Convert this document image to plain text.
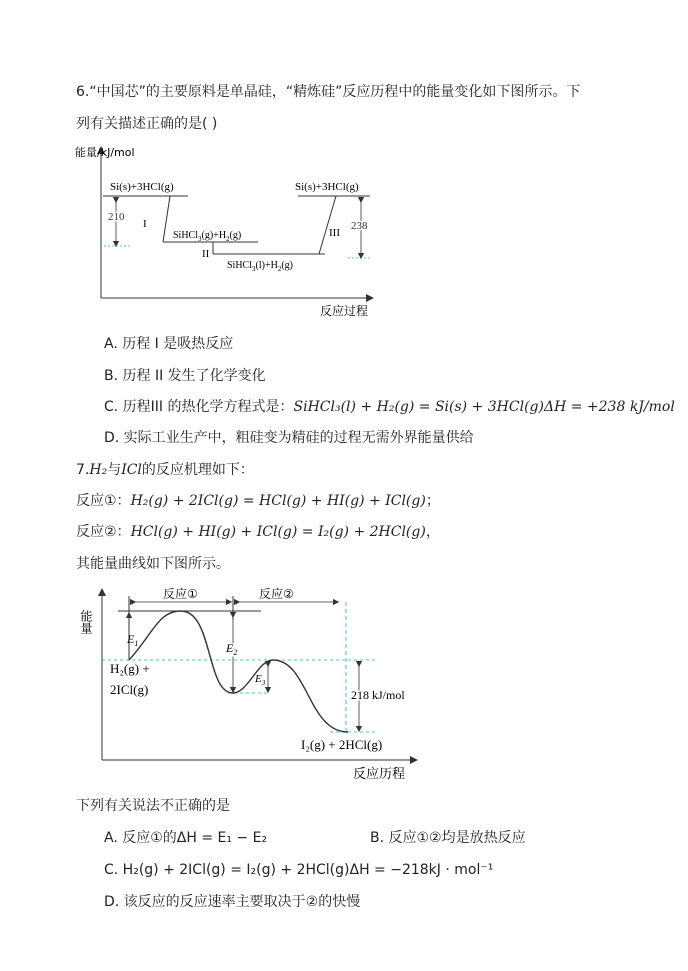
6.“中国芯”的主要原料是单晶硅，“精炼硅”反应历程中的能量变化如下图所示。下
列有关描述正确的是( )
能量/kJ/mol
反应过程
Si(s)+3HCl(g)
$SiHCl_3(g)+H_2(g)$
I
210
II
$SiHCl_3(l)+H_2(g)$
Si(s)+3HCl(g)
III
238
A. 历程 I 是吸热反应
B. 历程 II 发生了化学变化
C. 历程III 的热化学方程式是：SiHCl₃(l) + H₂(g) = Si(s) + 3HCl(g)ΔH = +238 kJ/mol
D. 实际工业生产中，粗硅变为精硅的过程无需外界能量供给
7.H₂与ICl的反应机理如下：
反应①：H₂(g) + 2ICl(g) = HCl(g) + HI(g) + ICl(g)；
反应②：HCl(g) + HI(g) + ICl(g) = I₂(g) + 2HCl(g)，
其能量曲线如下图所示。
能量
反应历程
反应①	反应②
$E_1$	$E_2$
$E_3$
218 kJ/mol
H₂(g) +
2ICl(g)
I₂(g) + 2HCl(g)
下列有关说法不正确的是
A. 反应①的ΔH = E₁ − E₂	B. 反应①②均是放热反应
C. H₂(g) + 2ICl(g) = I₂(g) + 2HCl(g)ΔH = −218kJ · mol⁻¹
D. 该反应的反应速率主要取决于②的快慢
